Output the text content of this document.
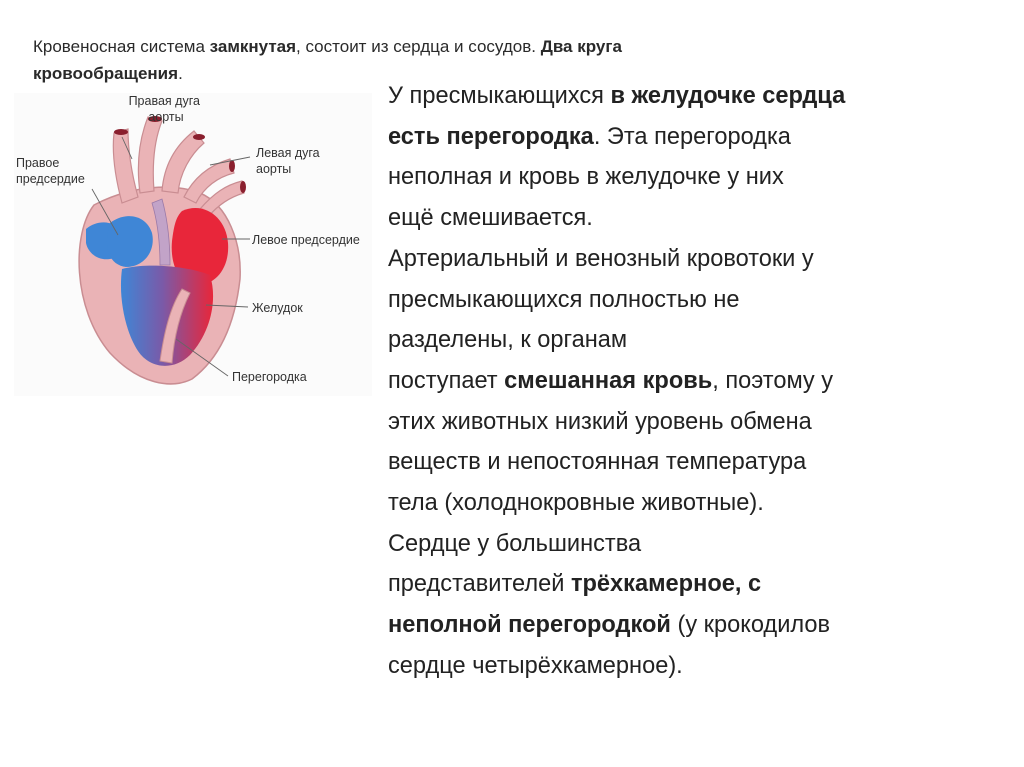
Кровеносная система замкнутая, состоит из сердца и сосудов. Два круга
кровообращения.
Правая дуга аорты
Правое предсердие
Левая дуга аорты
Левое предсердие
Желудок
Перегородка
У пресмыкающихся в желудочке сердца
есть перегородка. Эта перегородка
неполная и кровь в желудочке у них
ещё смешивается.
Артериальный и венозный кровотоки у
пресмыкающихся полностью не
разделены, к органам
поступает смешанная кровь, поэтому у
этих животных низкий уровень обмена
веществ и непостоянная температура
тела (холоднокровные животные).
Сердце у большинства
представителей трёхкамерное, с
неполной перегородкой (у крокодилов
сердце четырёхкамерное).
